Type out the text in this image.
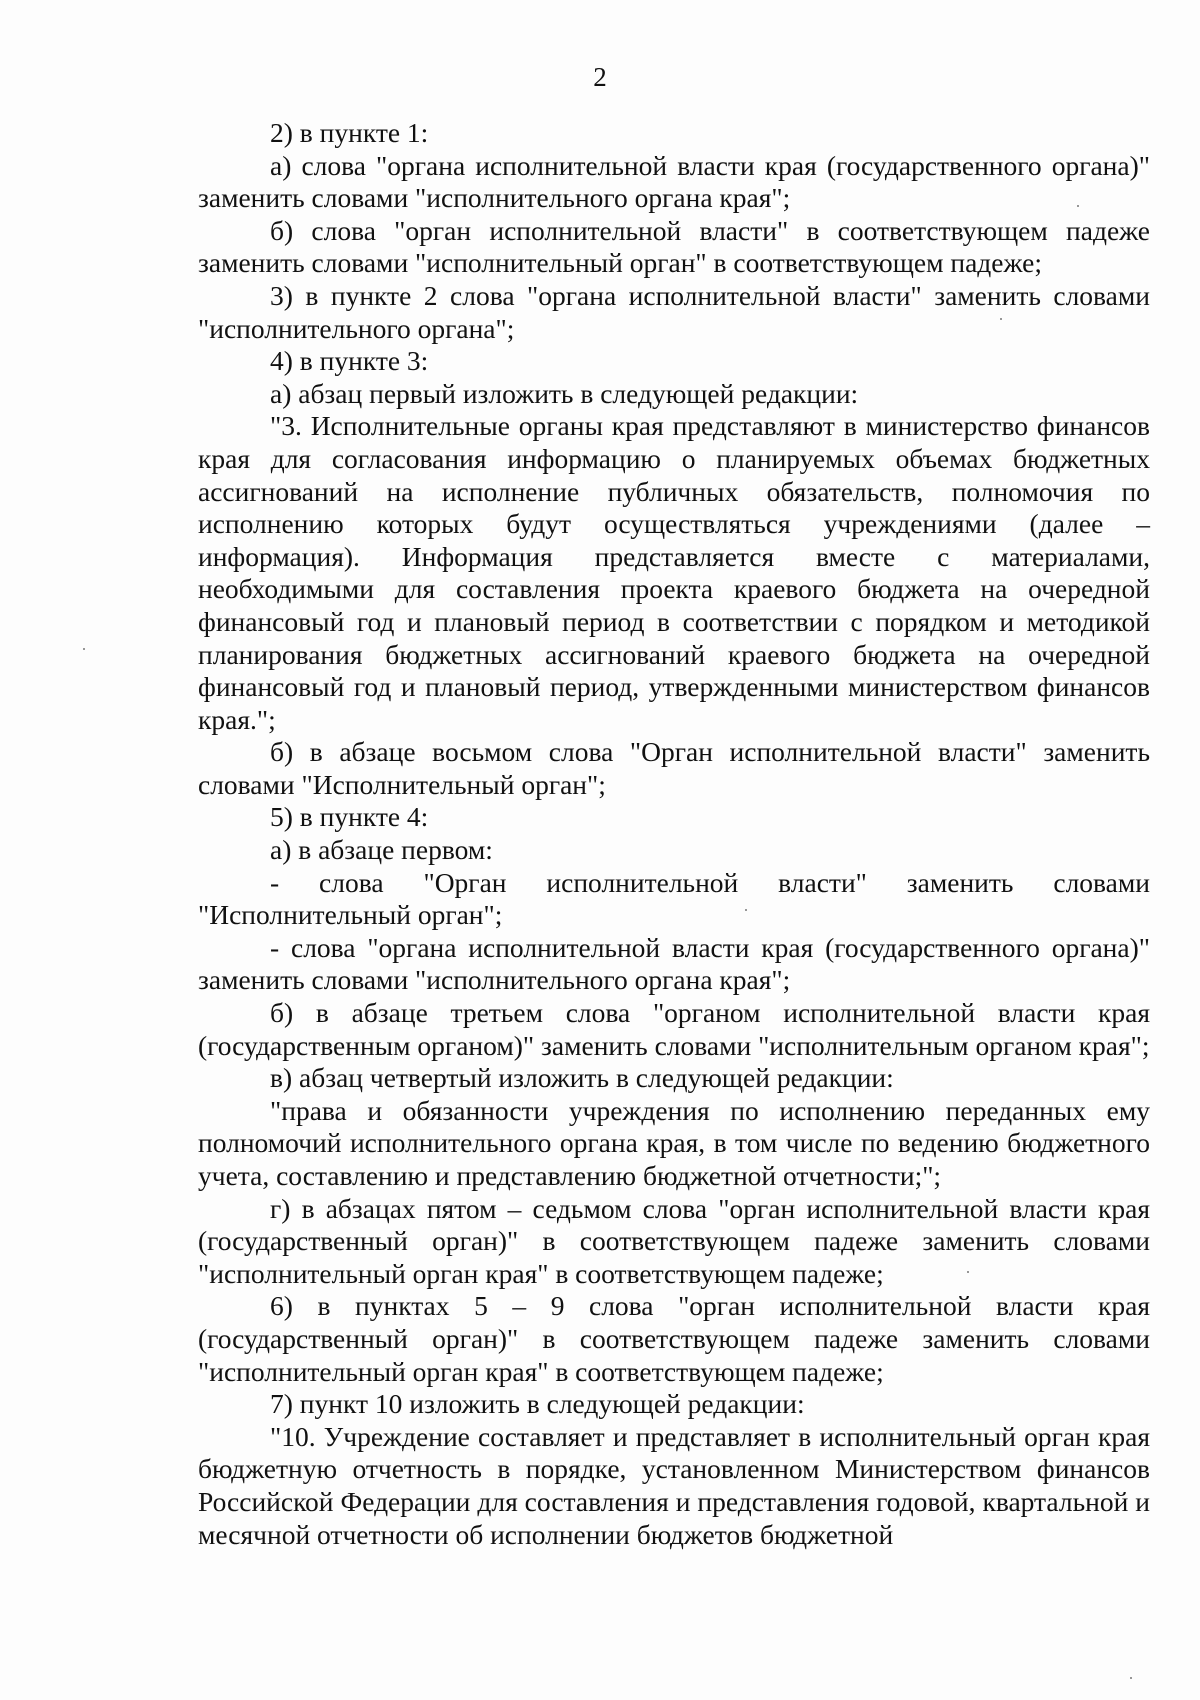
2

2) в пункте 1:

а) слова "органа исполнительной власти края (государственного органа)" заменить словами "исполнительного органа края";

б) слова "орган исполнительной власти" в соответствующем падеже заменить словами "исполнительный орган" в соответствующем падеже;

3) в пункте 2 слова "органа исполнительной власти" заменить словами "исполнительного органа";

4) в пункте 3:

а) абзац первый изложить в следующей редакции:

"3. Исполнительные органы края представляют в министерство финансов края для согласования информацию о планируемых объемах бюджетных ассигнований на исполнение публичных обязательств, полномочия по исполнению которых будут осуществляться учреждениями (далее – информация). Информация представляется вместе с материалами, необходимыми для составления проекта краевого бюджета на очередной финансовый год и плановый период в соответствии с порядком и методикой планирования бюджетных ассигнований краевого бюджета на очередной финансовый год и плановый период, утвержденными министерством финансов края.";

б) в абзаце восьмом слова "Орган исполнительной власти" заменить словами "Исполнительный орган";

5) в пункте 4:

а) в абзаце первом:

- слова "Орган исполнительной власти" заменить словами "Исполнительный орган";

- слова "органа исполнительной власти края (государственного органа)" заменить словами "исполнительного органа края";

б) в абзаце третьем слова "органом исполнительной власти края (государственным органом)" заменить словами "исполнительным органом края";

в) абзац четвертый изложить в следующей редакции:

"права и обязанности учреждения по исполнению переданных ему полномочий исполнительного органа края, в том числе по ведению бюджетного учета, составлению и представлению бюджетной отчетности;";

г) в абзацах пятом – седьмом слова "орган исполнительной власти края (государственный орган)" в соответствующем падеже заменить словами "исполнительный орган края" в соответствующем падеже;

6) в пунктах 5 – 9 слова "орган исполнительной власти края (государственный орган)" в соответствующем падеже заменить словами "исполнительный орган края" в соответствующем падеже;

7) пункт 10 изложить в следующей редакции:

"10. Учреждение составляет и представляет в исполнительный орган края бюджетную отчетность в порядке, установленном Министерством финансов Российской Федерации для составления и представления годовой, квартальной и месячной отчетности об исполнении бюджетов бюджетной
